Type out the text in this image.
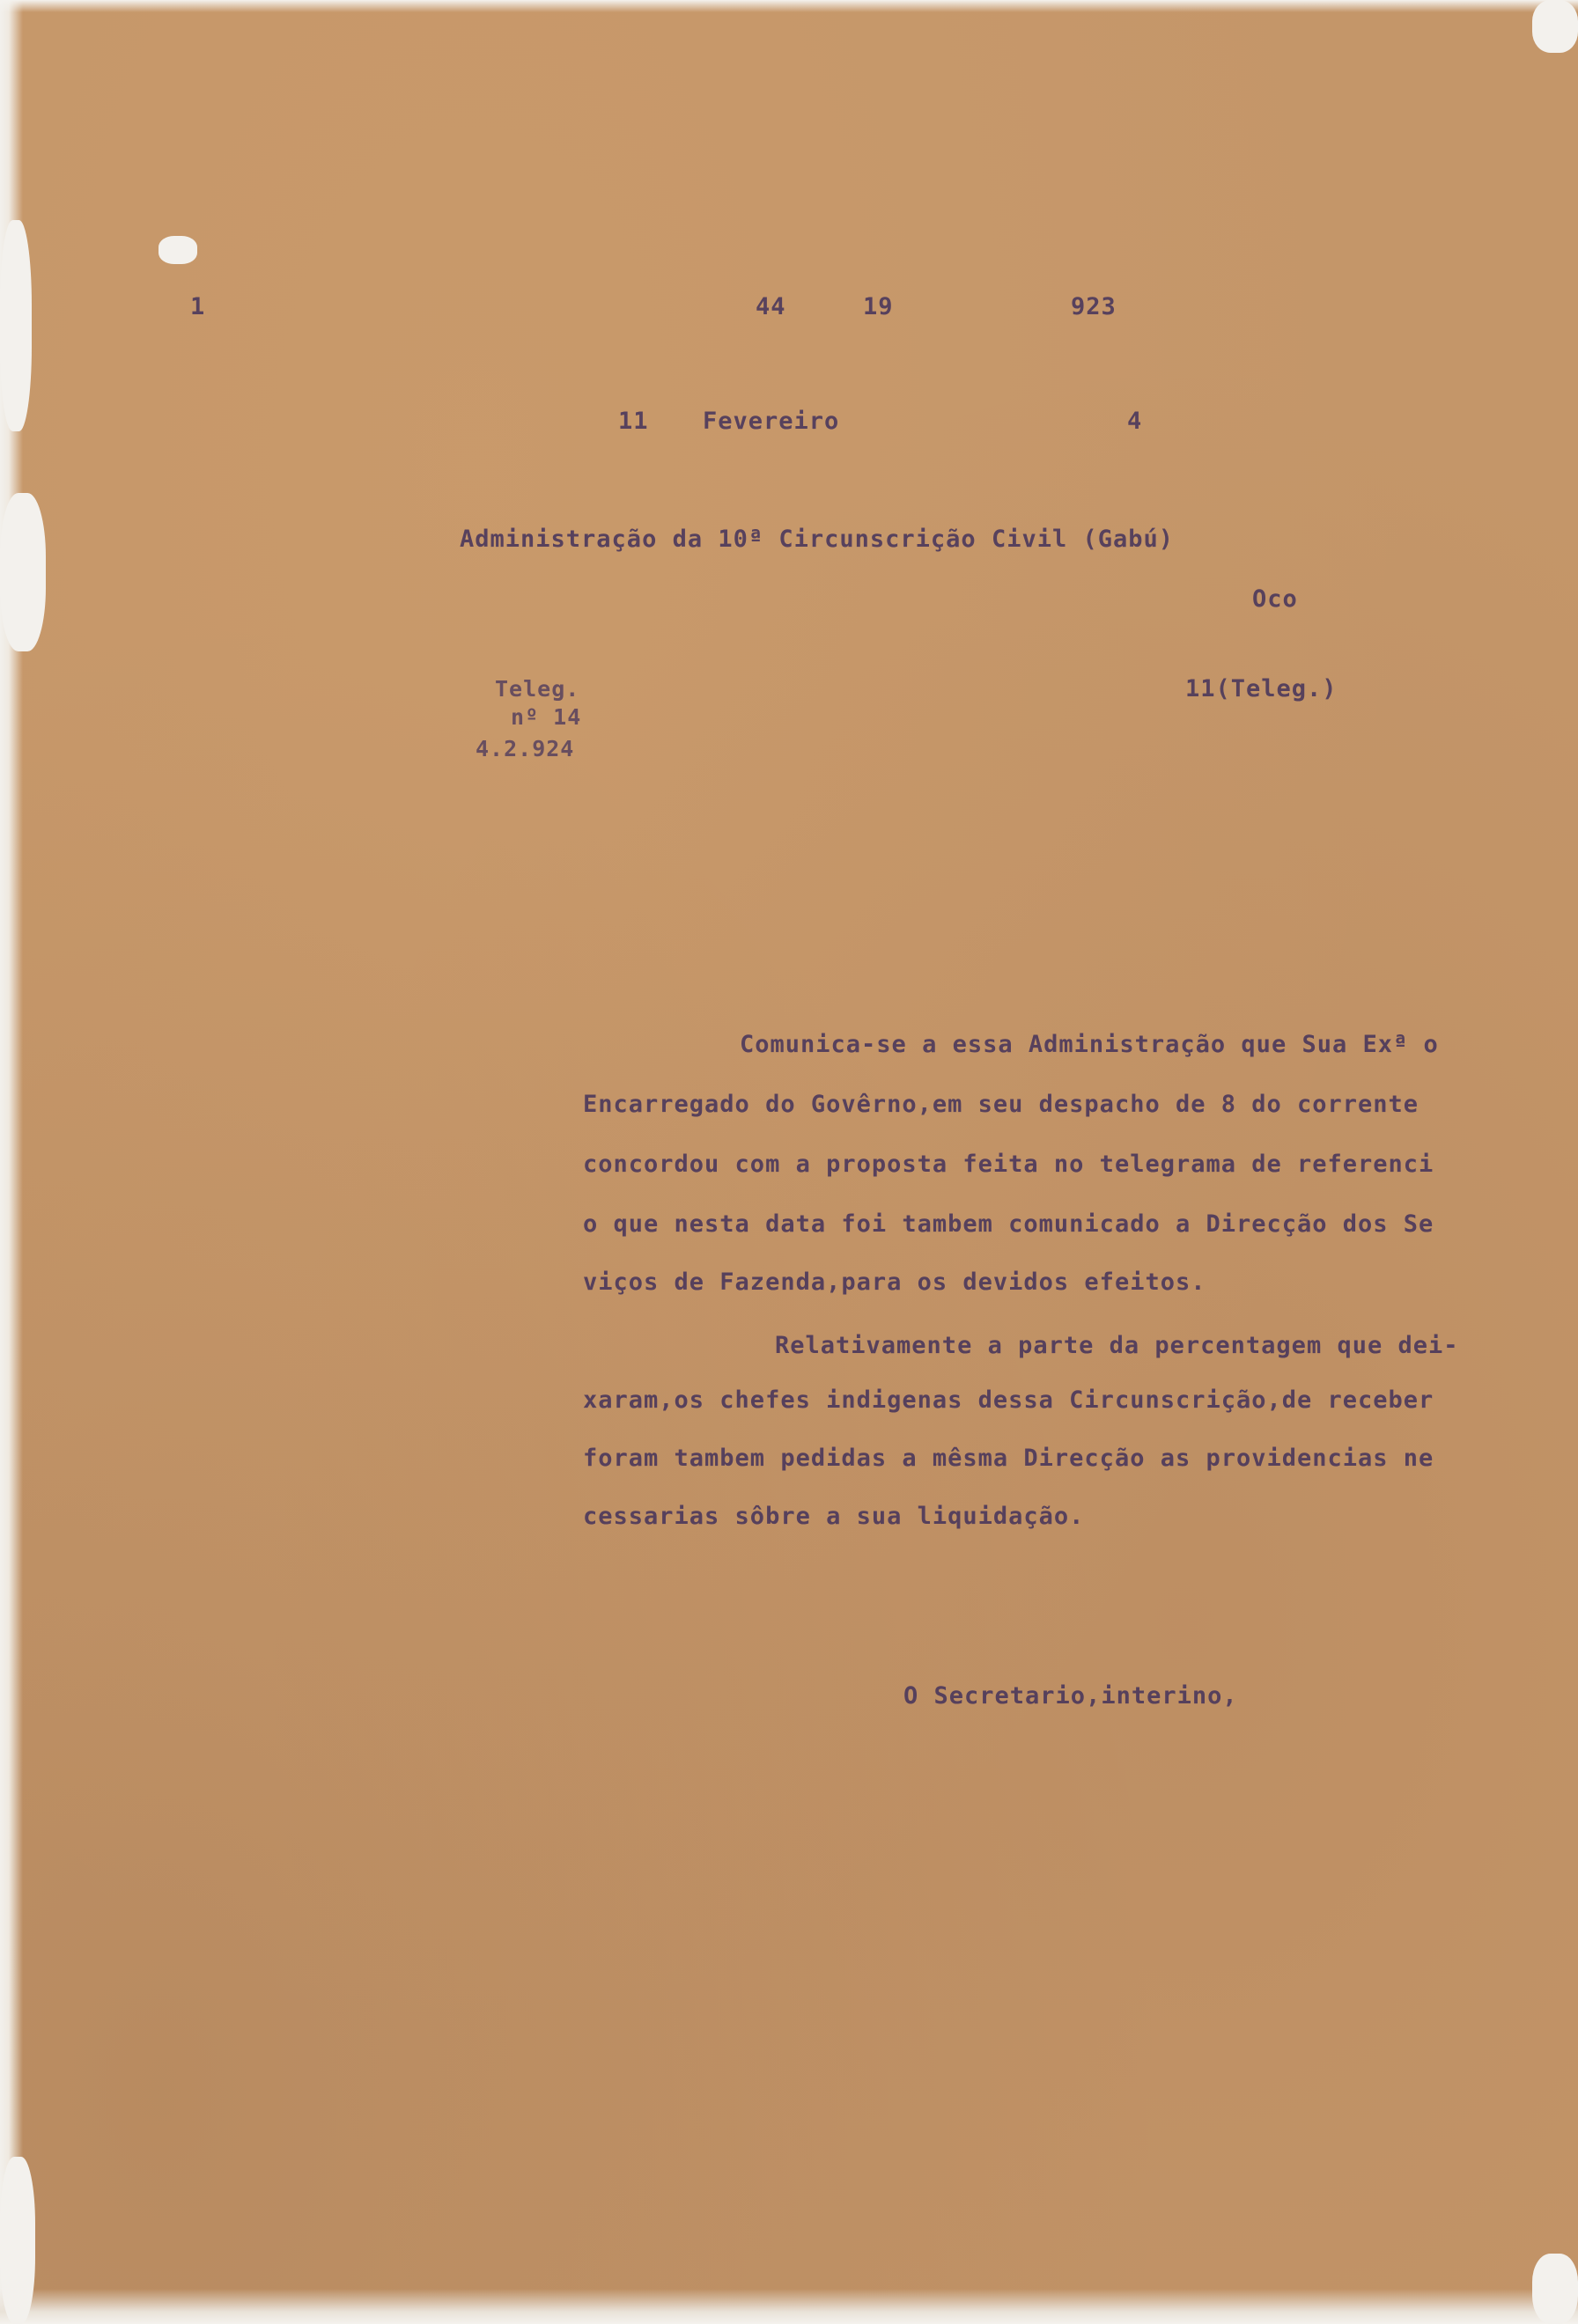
1	44	19	923
11 Fevereiro	4
Administração da 10ª Circunscrição Civil (Gabú)
Oco
Teleg.
nº 14
4.2.924
11(Teleg.)
Comunica-se a essa Administração que Sua Exª o
Encarregado do Govêrno,em seu despacho de 8 do corrente
concordou com a proposta feita no telegrama de referenci
o que nesta data foi tambem comunicado a Direcção dos Se
viços de Fazenda,para os devidos efeitos.
Relativamente a parte da percentagem que dei-
xaram,os chefes indigenas dessa Circunscrição,de receber
foram tambem pedidas a mêsma Direcção as providencias ne
cessarias sôbre a sua liquidação.
O Secretario,interino,
